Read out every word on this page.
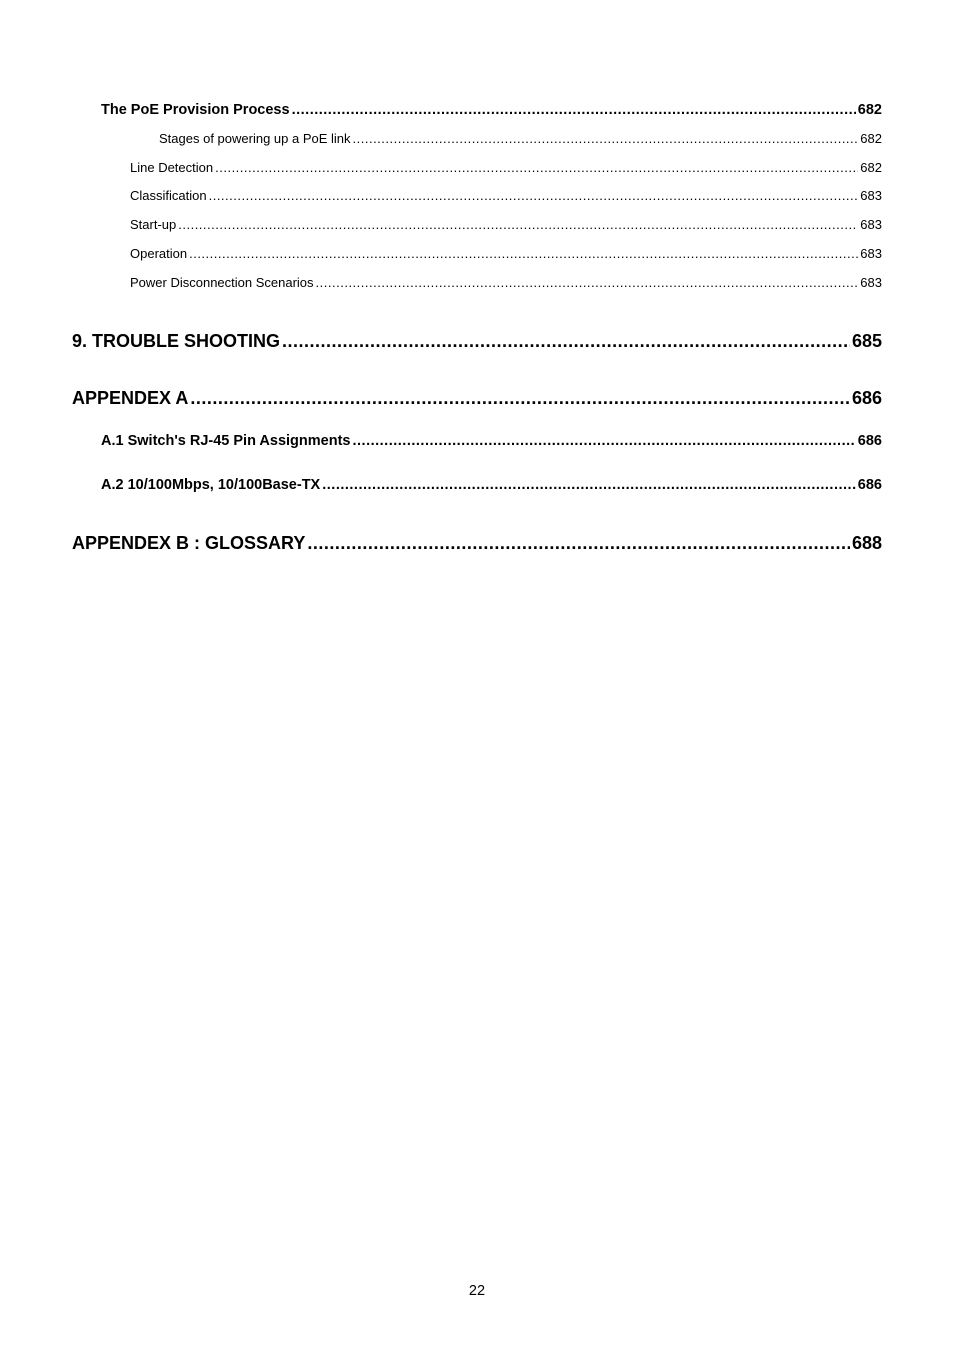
The PoE Provision Process .....	682
Stages of powering up a PoE link .....	682
Line Detection .....	682
Classification .....	683
Start-up .....	683
Operation .....	683
Power Disconnection Scenarios .....	683
9. TROUBLE SHOOTING .....	685
APPENDEX A .....	686
A.1 Switch's RJ-45 Pin Assignments .....	686
A.2 10/100Mbps, 10/100Base-TX .....	686
APPENDEX B : GLOSSARY .....	688
22
